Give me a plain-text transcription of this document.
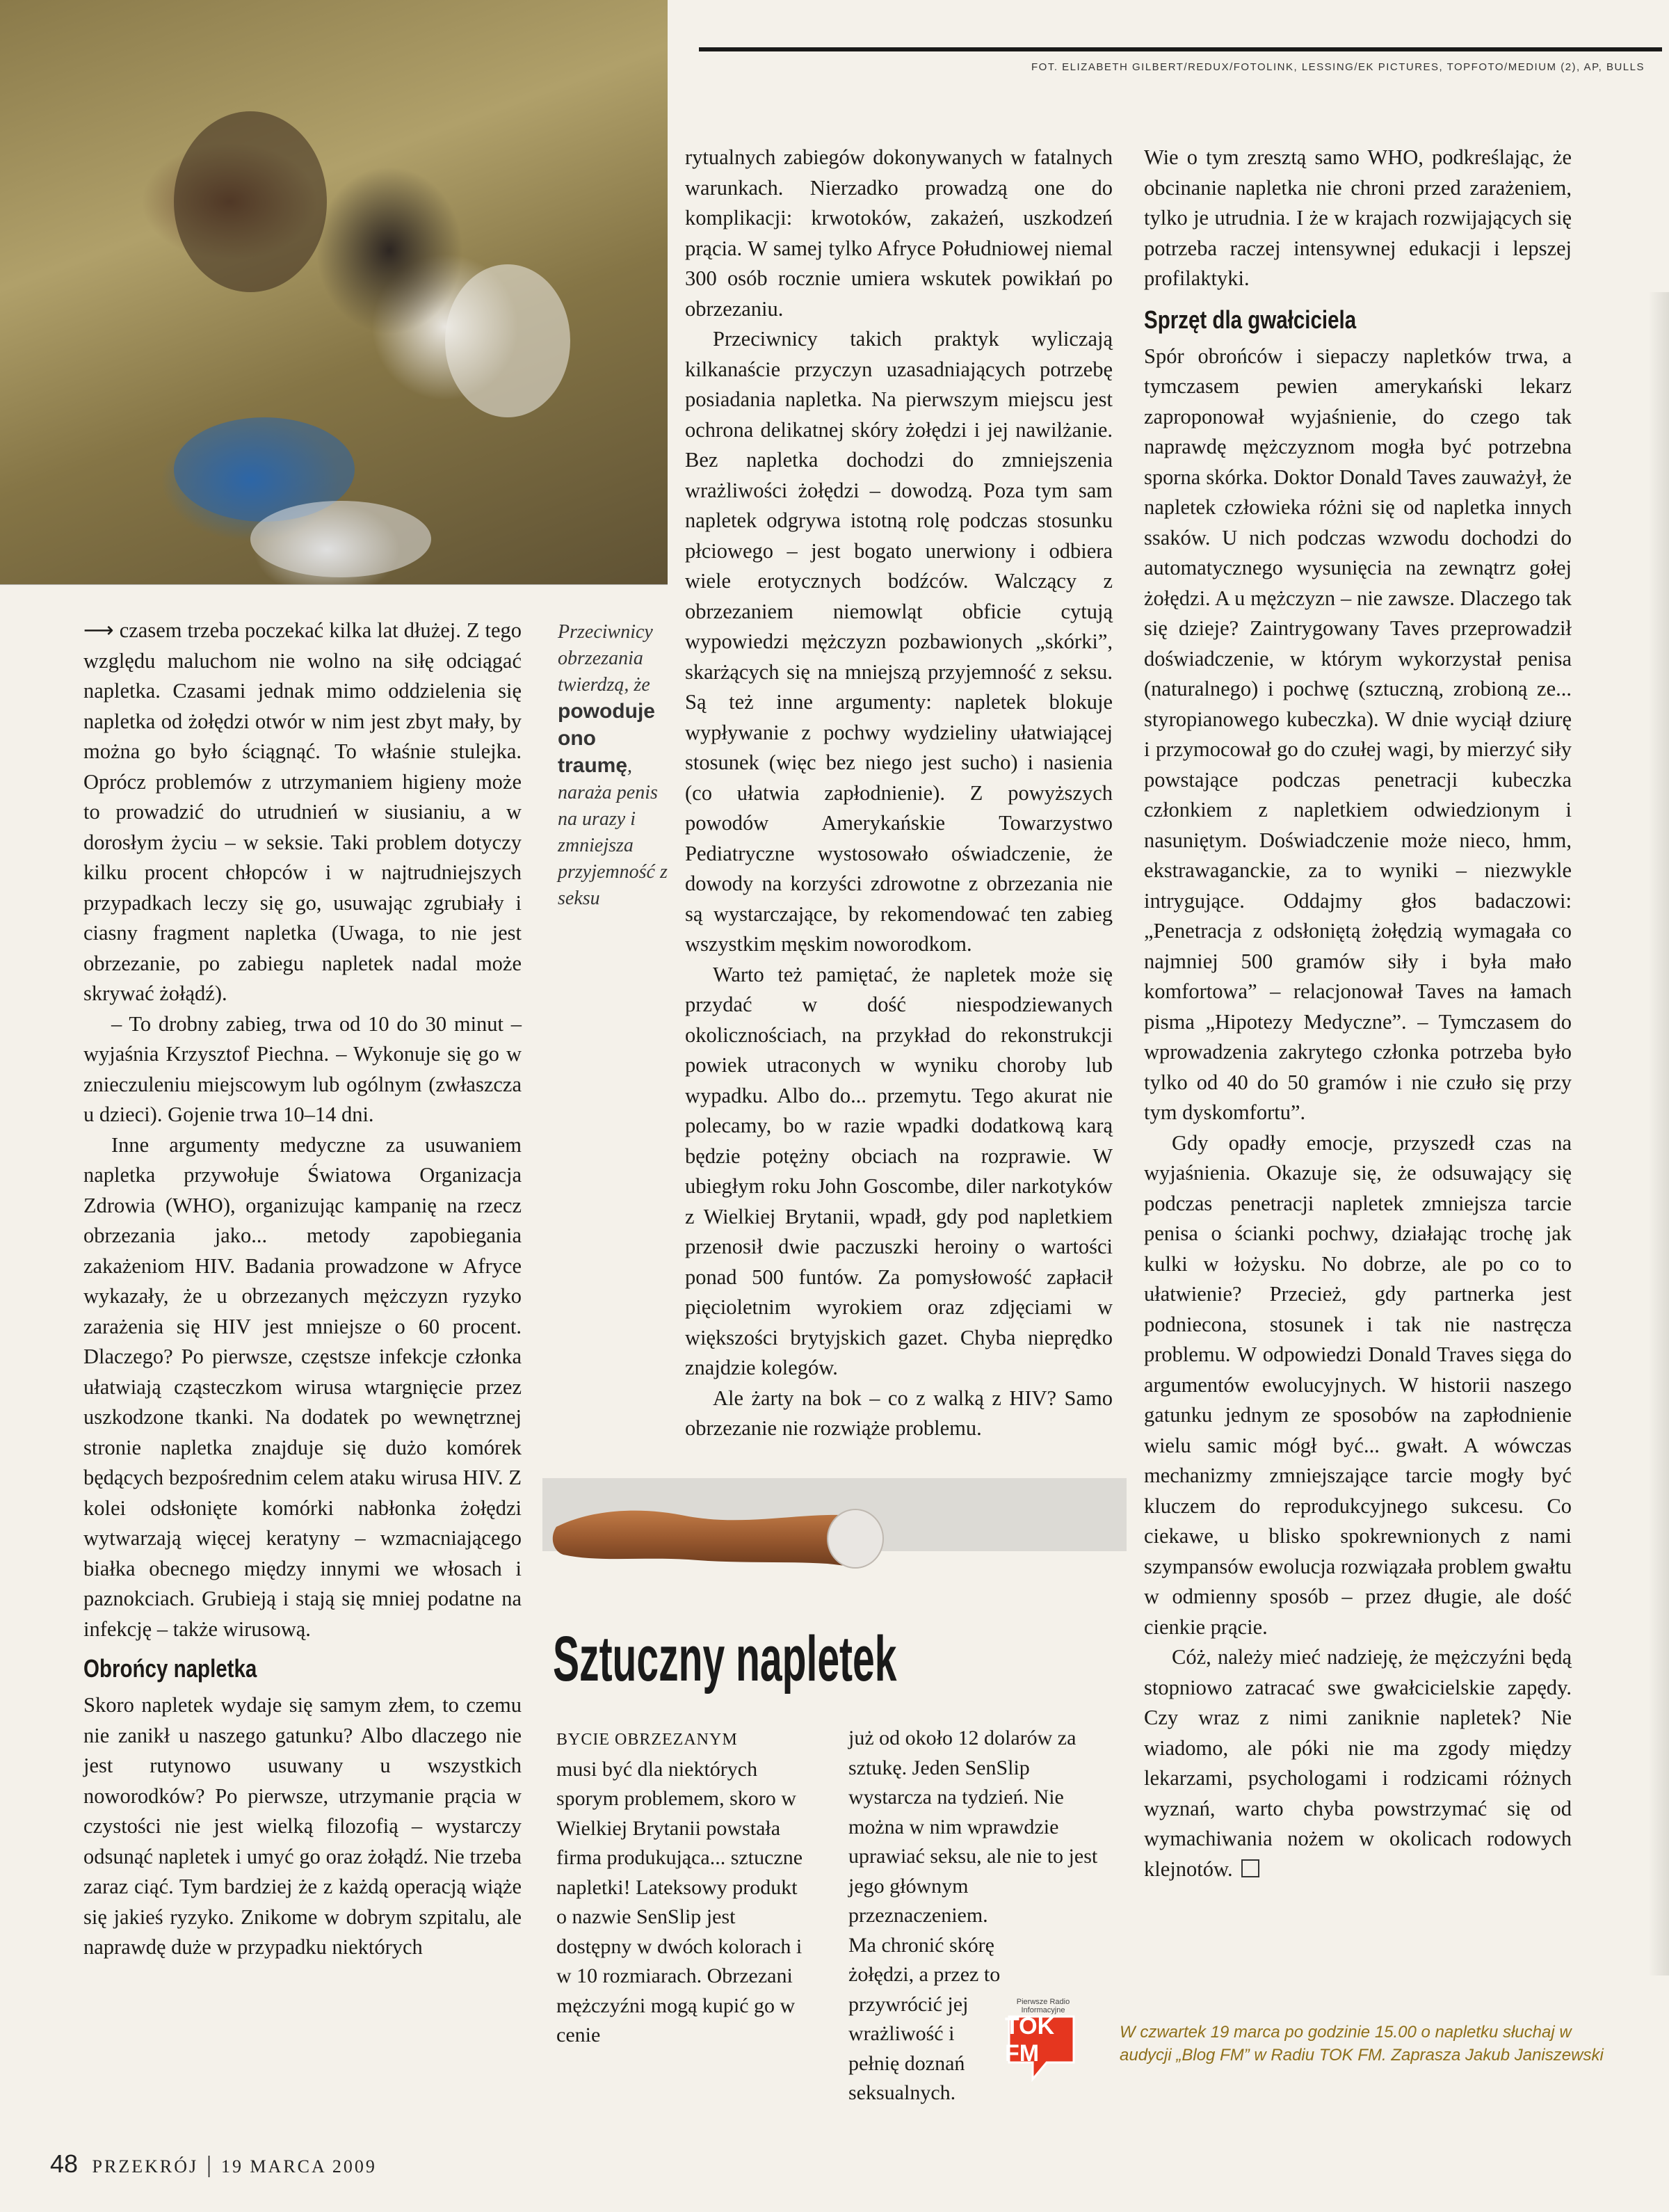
FOT. ELIZABETH GILBERT/REDUX/FOTOLINK, LESSING/EK PICTURES, TOPFOTO/MEDIUM (2), AP, BULLS

⟶ czasem trzeba poczekać kilka lat dłużej. Z tego względu maluchom nie wolno na siłę odciągać napletka. Czasami jednak mimo oddzielenia się napletka od żołędzi otwór w nim jest zbyt mały, by można go było ściągnąć. To właśnie stulejka. Oprócz problemów z utrzymaniem higieny może to prowadzić do utrudnień w siusianiu, a w dorosłym życiu – w seksie. Taki problem dotyczy kilku procent chłopców i w najtrudniejszych przypadkach leczy się go, usuwając zgrubiały i ciasny fragment napletka (Uwaga, to nie jest obrzezanie, po zabiegu napletek nadal może skrywać żołądź).

– To drobny zabieg, trwa od 10 do 30 minut – wyjaśnia Krzysztof Piechna. – Wykonuje się go w znieczuleniu miejscowym lub ogólnym (zwłaszcza u dzieci). Gojenie trwa 10–14 dni.

Inne argumenty medyczne za usuwaniem napletka przywołuje Światowa Organizacja Zdrowia (WHO), organizując kampanię na rzecz obrzezania jako... metody zapobiegania zakażeniom HIV. Badania prowadzone w Afryce wykazały, że u obrzezanych mężczyzn ryzyko zarażenia się HIV jest mniejsze o 60 procent. Dlaczego? Po pierwsze, częstsze infekcje członka ułatwiają cząsteczkom wirusa wtargnięcie przez uszkodzone tkanki. Na dodatek po wewnętrznej stronie napletka znajduje się dużo komórek będących bezpośrednim celem ataku wirusa HIV. Z kolei odsłonięte komórki nabłonka żołędzi wytwarzają więcej keratyny – wzmacniającego białka obecnego między innymi we włosach i paznokciach. Grubieją i stają się mniej podatne na infekcję – także wirusową.

Obrońcy napletka

Skoro napletek wydaje się samym złem, to czemu nie zanikł u naszego gatunku? Albo dlaczego nie jest rutynowo usuwany u wszystkich noworodków? Po pierwsze, utrzymanie prącia w czystości nie jest wielką filozofią – wystarczy odsunąć napletek i umyć go oraz żołądź. Nie trzeba zaraz ciąć. Tym bardziej że z każdą operacją wiąże się jakieś ryzyko. Znikome w dobrym szpitalu, ale naprawdę duże w przypadku niektórych

Przeciwnicy obrzezania twierdzą, że powoduje ono traumę, naraża penis na urazy i zmniejsza przyjemność z seksu

rytualnych zabiegów dokonywanych w fatalnych warunkach. Nierzadko prowadzą one do komplikacji: krwotoków, zakażeń, uszkodzeń prącia. W samej tylko Afryce Południowej niemal 300 osób rocznie umiera wskutek powikłań po obrzezaniu.

Przeciwnicy takich praktyk wyliczają kilkanaście przyczyn uzasadniających potrzebę posiadania napletka. Na pierwszym miejscu jest ochrona delikatnej skóry żołędzi i jej nawilżanie. Bez napletka dochodzi do zmniejszenia wrażliwości żołędzi – dowodzą. Poza tym sam napletek odgrywa istotną rolę podczas stosunku płciowego – jest bogato unerwiony i odbiera wiele erotycznych bodźców. Walczący z obrzezaniem niemowląt obficie cytują wypowiedzi mężczyzn pozbawionych „skórki”, skarżących się na mniejszą przyjemność z seksu. Są też inne argumenty: napletek blokuje wypływanie z pochwy wydzieliny ułatwiającej stosunek (więc bez niego jest sucho) i nasienia (co ułatwia zapłodnienie). Z powyższych powodów Amerykańskie Towarzystwo Pediatryczne wystosowało oświadczenie, że dowody na korzyści zdrowotne z obrzezania nie są wystarczające, by rekomendować ten zabieg wszystkim męskim noworodkom.

Warto też pamiętać, że napletek może się przydać w dość niespodziewanych okolicznościach, na przykład do rekonstrukcji powiek utraconych w wyniku choroby lub wypadku. Albo do... przemytu. Tego akurat nie polecamy, bo w razie wpadki dodatkową karą będzie potężny obciach na rozprawie. W ubiegłym roku John Goscombe, diler narkotyków z Wielkiej Brytanii, wpadł, gdy pod napletkiem przenosił dwie paczuszki heroiny o wartości ponad 500 funtów. Za pomysłowość zapłacił pięcioletnim wyrokiem oraz zdjęciami w większości brytyjskich gazet. Chyba nieprędko znajdzie kolegów.

Ale żarty na bok – co z walką z HIV? Samo obrzezanie nie rozwiąże problemu.

Wie o tym zresztą samo WHO, podkreślając, że obcinanie napletka nie chroni przed zarażeniem, tylko je utrudnia. I że w krajach rozwijających się potrzeba raczej intensywnej edukacji i lepszej profilaktyki.

Sprzęt dla gwałciciela

Spór obrońców i siepaczy napletków trwa, a tymczasem pewien amerykański lekarz zaproponował wyjaśnienie, do czego tak naprawdę mężczyznom mogła być potrzebna sporna skórka. Doktor Donald Taves zauważył, że napletek człowieka różni się od napletka innych ssaków. U nich podczas wzwodu dochodzi do automatycznego wysunięcia na zewnątrz gołej żołędzi. A u mężczyzn – nie zawsze. Dlaczego tak się dzieje? Zaintrygowany Taves przeprowadził doświadczenie, w którym wykorzystał penisa (naturalnego) i pochwę (sztuczną, zrobioną ze... styropianowego kubeczka). W dnie wyciął dziurę i przymocował go do czułej wagi, by mierzyć siły powstające podczas penetracji kubeczka członkiem z napletkiem odwiedzionym i nasuniętym. Doświadczenie może nieco, hmm, ekstrawaganckie, za to wyniki – niezwykle intrygujące. Oddajmy głos badaczowi: „Penetracja z odsłoniętą żołędzią wymagała co najmniej 500 gramów siły i była mało komfortowa” – relacjonował Taves na łamach pisma „Hipotezy Medyczne”. – Tymczasem do wprowadzenia zakrytego członka potrzeba było tylko od 40 do 50 gramów i nie czuło się przy tym dyskomfortu”.

Gdy opadły emocje, przyszedł czas na wyjaśnienia. Okazuje się, że odsuwający się podczas penetracji napletek zmniejsza tarcie penisa o ścianki pochwy, działając trochę jak kulki w łożysku. No dobrze, ale po co to ułatwienie? Przecież, gdy partnerka jest podniecona, stosunek i tak nie nastręcza problemu. W odpowiedzi Donald Traves sięga do argumentów ewolucyjnych. W historii naszego gatunku jednym ze sposobów na zapłodnienie wielu samic mógł być... gwałt. A wówczas mechanizmy zmniejszające tarcie mogły być kluczem do reprodukcyjnego sukcesu. Co ciekawe, u blisko spokrewnionych z nami szympansów ewolucja rozwiązała problem gwałtu w odmienny sposób – przez długie, ale dość cienkie prącie.

Cóż, należy mieć nadzieję, że mężczyźni będą stopniowo zatracać swe gwałcicielskie zapędy. Czy wraz z nimi zaniknie napletek? Nie wiadomo, ale póki nie ma zgody między lekarzami, psychologami i rodzicami różnych wyznań, warto chyba powstrzymać się od wymachiwania nożem w okolicach rodowych klejnotów.

Sztuczny napletek

BYCIE OBRZEZANYM
musi być dla niektórych sporym problemem, skoro w Wielkiej Brytanii powstała firma produkująca... sztuczne napletki! Lateksowy produkt o nazwie SenSlip jest dostępny w dwóch kolorach i w 10 rozmiarach. Obrzezani mężczyźni mogą kupić go w cenie

już od około 12 dolarów za sztukę. Jeden SenSlip wystarcza na tydzień. Nie można w nim wprawdzie uprawiać seksu, ale nie to jest jego głównym przeznaczeniem.

Ma chronić skórę żołędzi, a przez to przywrócić jej wrażliwość i pełnię doznań seksualnych.

Pierwsze Radio Informacyjne
TOK FM
W czwartek 19 marca po godzinie 15.00 o napletku słuchaj w audycji „Blog FM” w Radiu TOK FM. Zaprasza Jakub Janiszewski
48 PRZEKRÓJ | 19 MARCA 2009
